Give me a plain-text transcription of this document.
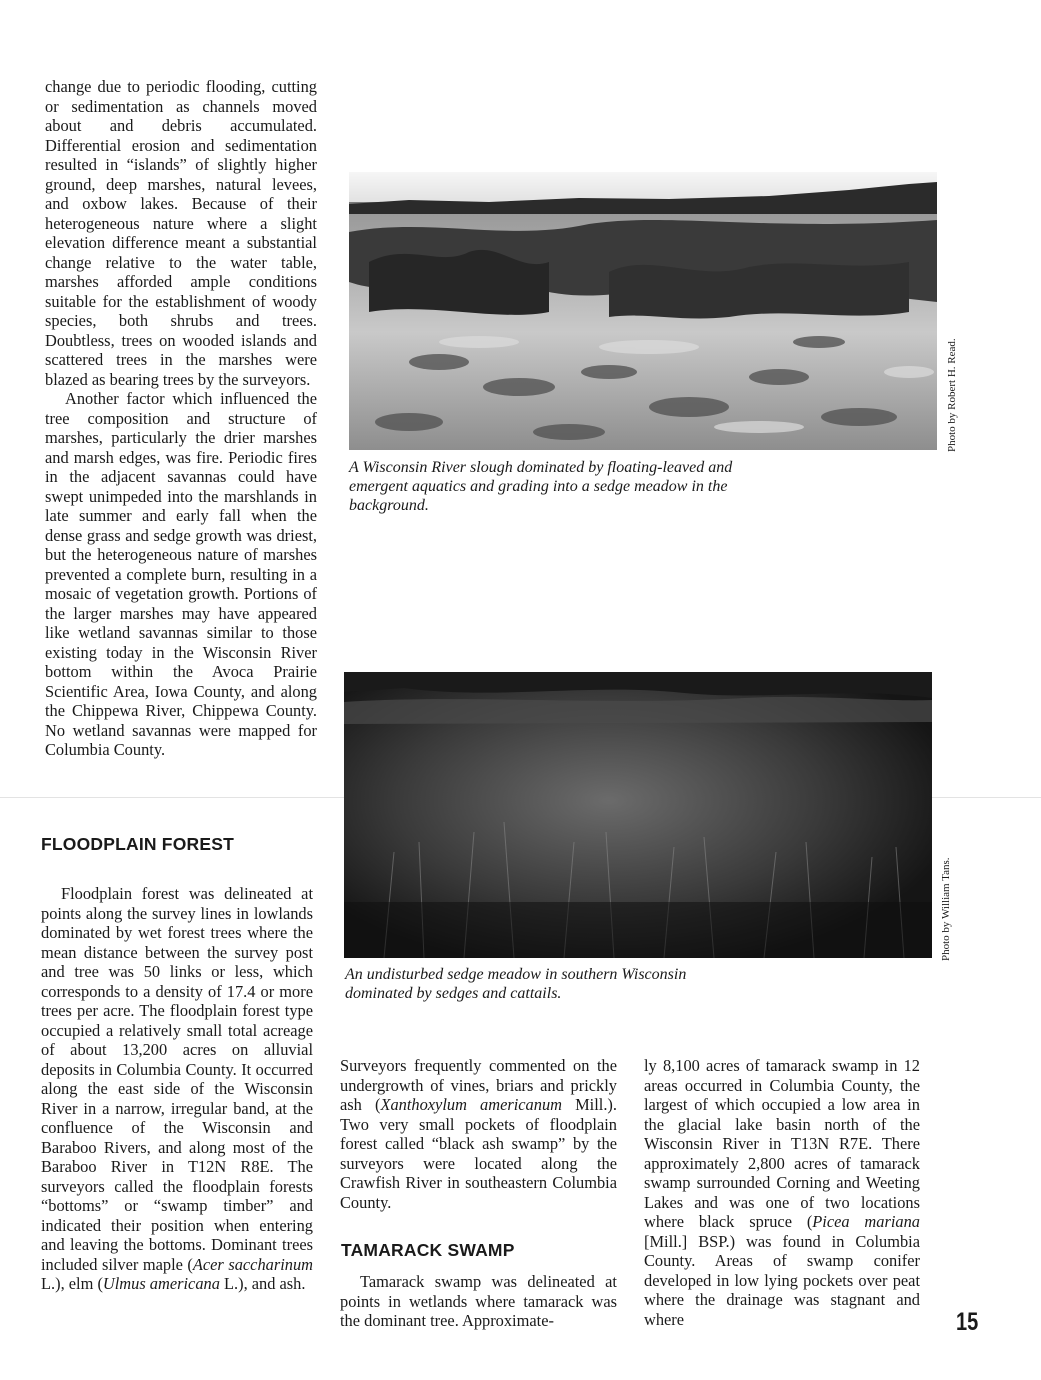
change due to periodic flooding, cutting or sedimentation as channels moved about and debris accumulated. Differential erosion and sedimentation resulted in “islands” of slightly higher ground, deep marshes, natural levees, and oxbow lakes. Because of their heterogeneous nature where a slight elevation difference meant a substantial change relative to the water table, marshes afforded ample conditions suitable for the establishment of woody species, both shrubs and trees. Doubtless, trees on wooded islands and scattered trees in the marshes were blazed as bearing trees by the surveyors.

Another factor which influenced the tree composition and structure of marshes, particularly the drier marshes and marsh edges, was fire. Periodic fires in the adjacent savannas could have swept unimpeded into the marshlands in late summer and early fall when the dense grass and sedge growth was driest, but the heterogeneous nature of marshes prevented a complete burn, resulting in a mosaic of vegetation growth. Portions of the larger marshes may have appeared like wetland savannas similar to those existing today in the Wisconsin River bottom within the Avoca Prairie Scientific Area, Iowa County, and along the Chippewa River, Chippewa County. No wetland savannas were mapped for Columbia County.

FLOODPLAIN FOREST

Floodplain forest was delineated at points along the survey lines in lowlands dominated by wet forest trees where the mean distance between the survey post and tree was 50 links or less, which corresponds to a density of 17.4 or more trees per acre. The floodplain forest type occupied a relatively small total acreage of about 13,200 acres on alluvial deposits in Columbia County. It occurred along the east side of the Wisconsin River in a narrow, irregular band, at the confluence of the Wisconsin and Baraboo Rivers, and along most of the Baraboo River in T12N R8E. The surveyors called the floodplain forests “bottoms” or “swamp timber” and indicated their position when entering and leaving the bottoms. Dominant trees included silver maple (Acer saccharinum L.), elm (Ulmus americana L.), and ash.

Photo by Robert H. Read.

A Wisconsin River slough dominated by floating-leaved and emergent aquatics and grading into a sedge meadow in the background.

Photo by William Tans.

An undisturbed sedge meadow in southern Wisconsin dominated by sedges and cattails.

Surveyors frequently commented on the undergrowth of vines, briars and prickly ash (Xanthoxylum americanum Mill.). Two very small pockets of floodplain forest called “black ash swamp” by the surveyors were located along the Crawfish River in southeastern Columbia County.

TAMARACK SWAMP

Tamarack swamp was delineated at points in wetlands where tamarack was the dominant tree. Approximate-

ly 8,100 acres of tamarack swamp in 12 areas occurred in Columbia County, the largest of which occupied a low area in the glacial lake basin north of the Wisconsin River in T13N R7E. There approximately 2,800 acres of tamarack swamp surrounded Corning and Weeting Lakes and was one of two locations where black spruce (Picea mariana [Mill.] BSP.) was found in Columbia County. Areas of swamp conifer developed in low lying pockets over peat where the drainage was stagnant and where	15
